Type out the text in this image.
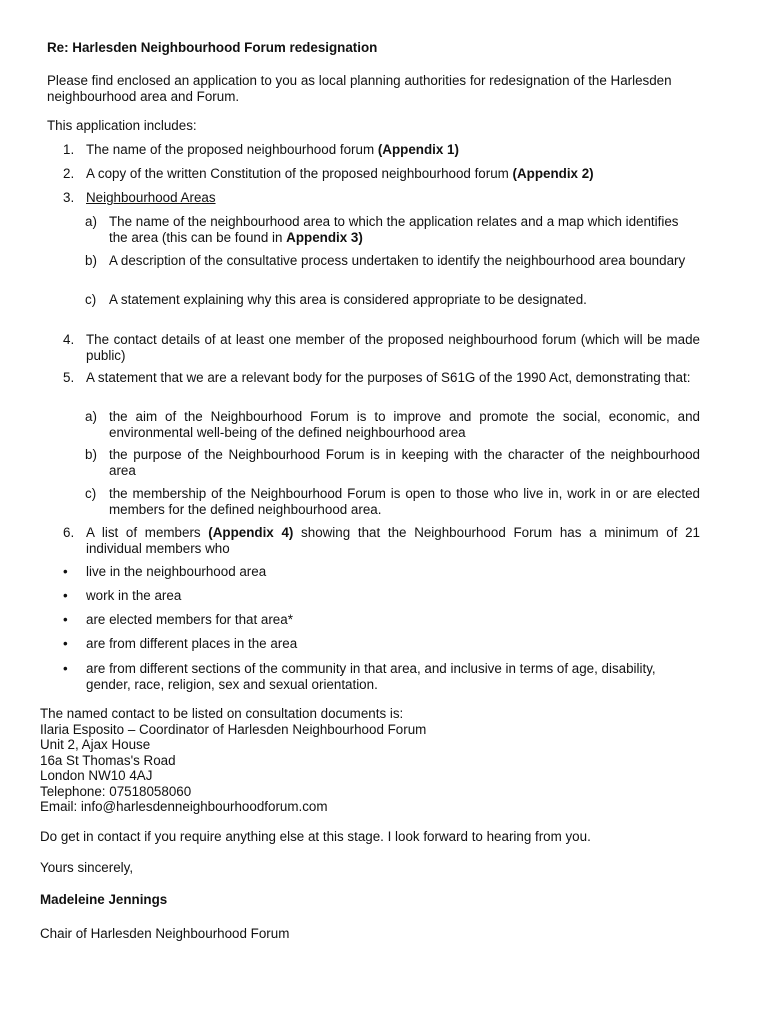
Re: Harlesden Neighbourhood Forum redesignation

Please find enclosed an application to you as local planning authorities for redesignation of the Harlesden neighbourhood area and Forum.

This application includes:

1. The name of the proposed neighbourhood forum (Appendix 1)
2. A copy of the written Constitution of the proposed neighbourhood forum (Appendix 2)
3. Neighbourhood Areas
a) The name of the neighbourhood area to which the application relates and a map which identifies the area (this can be found in Appendix 3)
b) A description of the consultative process undertaken to identify the neighbourhood area boundary
c) A statement explaining why this area is considered appropriate to be designated.
4. The contact details of at least one member of the proposed neighbourhood forum (which will be made public)
5. A statement that we are a relevant body for the purposes of S61G of the 1990 Act, demonstrating that:
a) the aim of the Neighbourhood Forum is to improve and promote the social, economic, and environmental well-being of the defined neighbourhood area
b) the purpose of the Neighbourhood Forum is in keeping with the character of the neighbourhood area
c) the membership of the Neighbourhood Forum is open to those who live in, work in or are elected members for the defined neighbourhood area.
6. A list of members (Appendix 4) showing that the Neighbourhood Forum has a minimum of 21 individual members who
• live in the neighbourhood area
• work in the area
• are elected members for that area*
• are from different places in the area
• are from different sections of the community in that area, and inclusive in terms of age, disability, gender, race, religion, sex and sexual orientation.
The named contact to be listed on consultation documents is:
Ilaria Esposito – Coordinator of Harlesden Neighbourhood Forum
Unit 2, Ajax House
16a St Thomas's Road
London NW10 4AJ
Telephone: 07518058060
Email: info@harlesdenneighbourhoodforum.com

Do get in contact if you require anything else at this stage. I look forward to hearing from you.

Yours sincerely,

Madeleine Jennings

Chair of Harlesden Neighbourhood Forum
